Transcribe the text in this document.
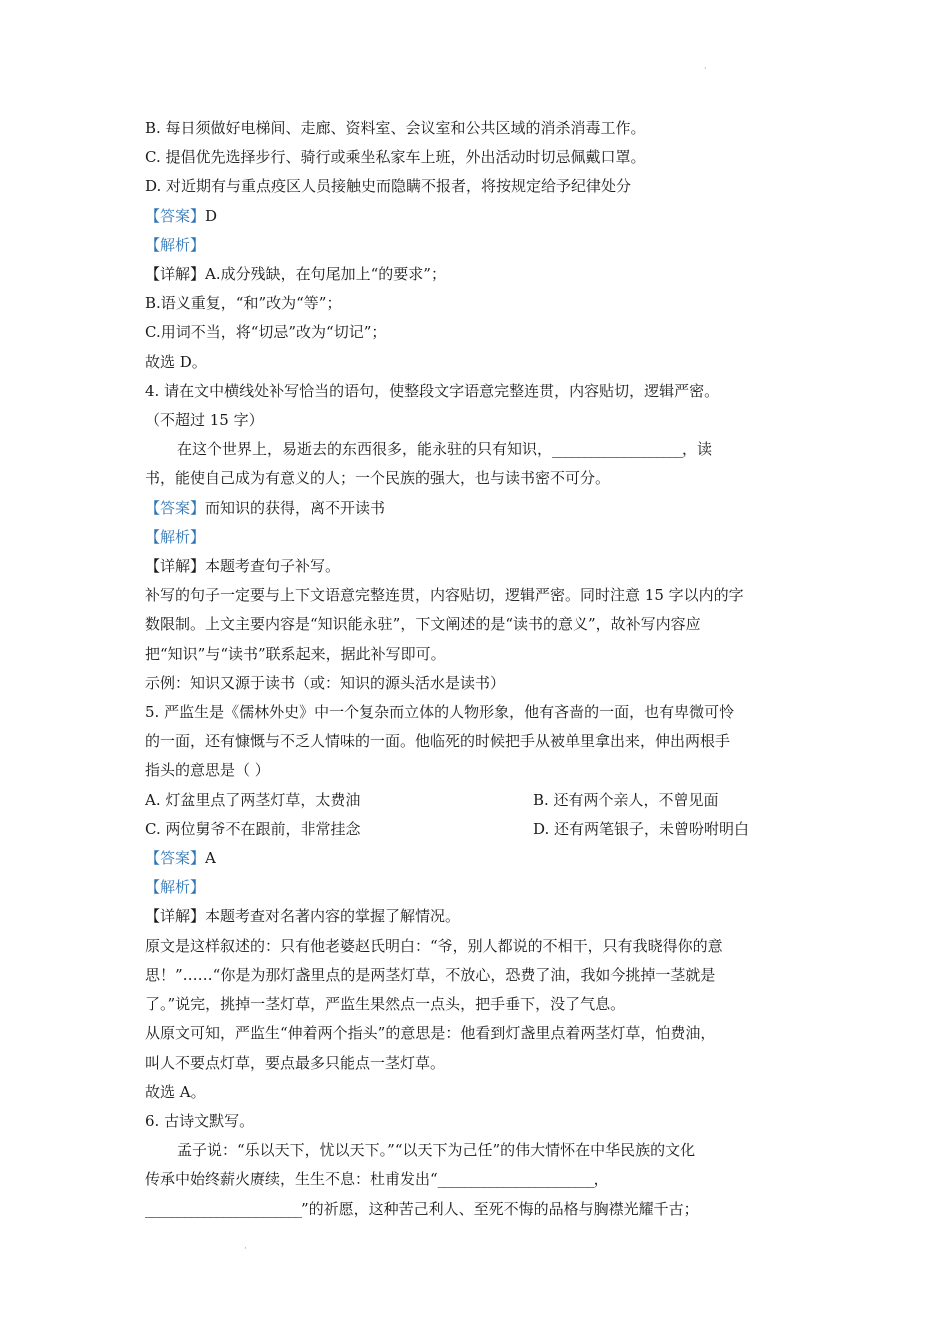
·
B. 每日须做好电梯间、走廊、资料室、会议室和公共区域的消杀消毒工作。
C. 提倡优先选择步行、骑行或乘坐私家车上班，外出活动时切忌佩戴口罩。
D. 对近期有与重点疫区人员接触史而隐瞒不报者，将按规定给予纪律处分
【答案】D
【解析】
【详解】A.成分残缺，在句尾加上“的要求”；
B.语义重复，“和”改为“等”；
C.用词不当，将“切忌”改为“切记”；
故选 D。
4. 请在文中横线处补写恰当的语句，使整段文字语意完整连贯，内容贴切，逻辑严密。
（不超过 15 字）
在这个世界上，易逝去的东西很多，能永驻的只有知识，____________________，读
书，能使自己成为有意义的人；一个民族的强大，也与读书密不可分。
【答案】而知识的获得，离不开读书
【解析】
【详解】本题考查句子补写。
补写的句子一定要与上下文语意完整连贯，内容贴切，逻辑严密。同时注意 15 字以内的字
数限制。上文主要内容是“知识能永驻”，下文阐述的是“读书的意义”，故补写内容应
把“知识”与“读书”联系起来，据此补写即可。
示例：知识又源于读书（或：知识的源头活水是读书）
5. 严监生是《儒林外史》中一个复杂而立体的人物形象，他有吝啬的一面，也有卑微可怜
的一面，还有慷慨与不乏人情味的一面。他临死的时候把手从被单里拿出来，伸出两根手
指头的意思是（ ）
A. 灯盆里点了两茎灯草，太费油	B. 还有两个亲人，不曾见面
C. 两位舅爷不在跟前，非常挂念	D. 还有两笔银子，未曾吩咐明白
【答案】A
【解析】
【详解】本题考查对名著内容的掌握了解情况。
原文是这样叙述的：只有他老婆赵氏明白：“爷，别人都说的不相干，只有我晓得你的意
思！”……“你是为那灯盏里点的是两茎灯草，不放心，恐费了油，我如今挑掉一茎就是
了。”说完，挑掉一茎灯草，严监生果然点一点头，把手垂下，没了气息。
从原文可知，严监生“伸着两个指头”的意思是：他看到灯盏里点着两茎灯草，怕费油，
叫人不要点灯草，要点最多只能点一茎灯草。
故选 A。
6. 古诗文默写。
孟子说：“乐以天下，忧以天下。”“以天下为己任”的伟大情怀在中华民族的文化
传承中始终薪火赓续，生生不息：杜甫发出“________________________，
________________________”的祈愿，这种苦己利人、至死不悔的品格与胸襟光耀千古；
·
